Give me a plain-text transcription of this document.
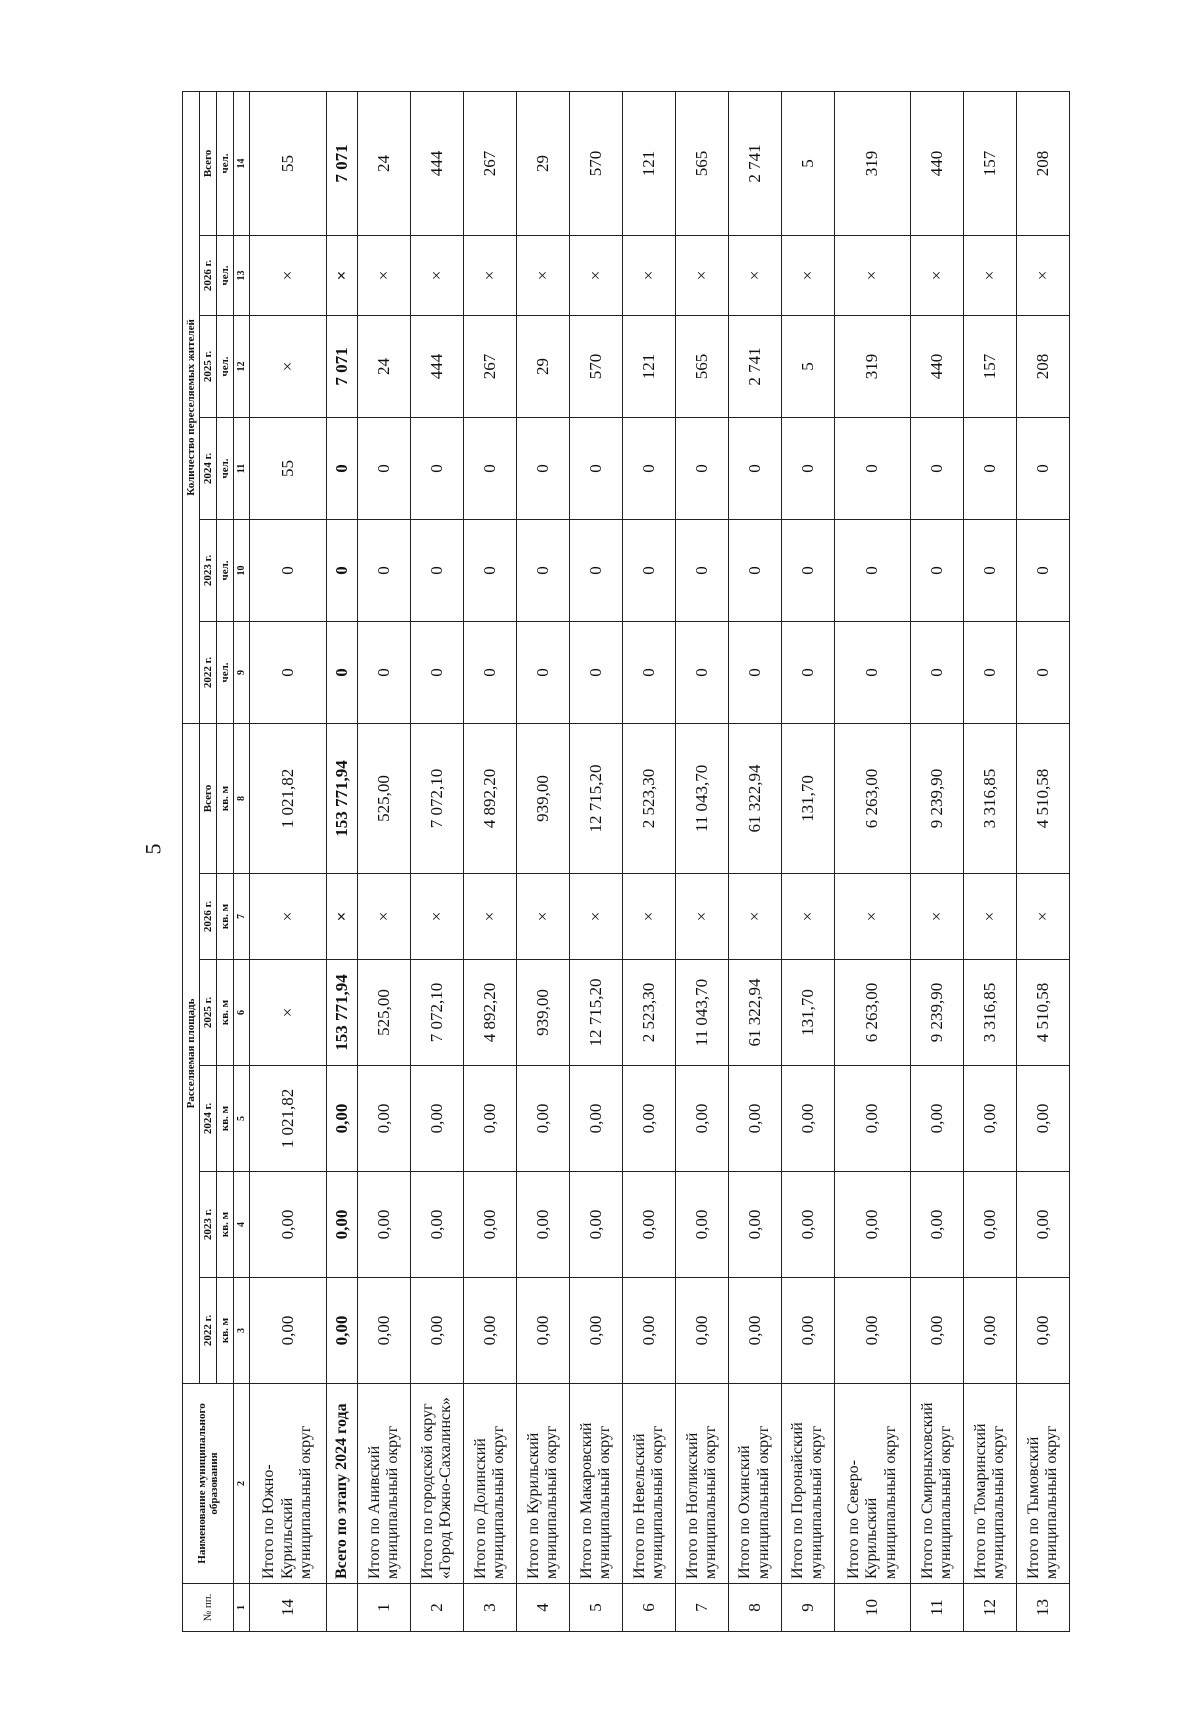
5
№ пп.	Наименование муниципального образования	Расселяемая площадь						Количество переселяемых жителей					
		2022 г.	2023 г.	2024 г.	2025 г.	2026 г.	Всего	2022 г.	2023 г.	2024 г.	2025 г.	2026 г.	Всего
		кв. м	кв. м	кв. м	кв. м	кв. м	кв. м	чел.	чел.	чел.	чел.	чел.	чел.
1	2	3	4	5	6	7	8	9	10	11	12	13	14
14	Итого по Южно-Курильский муниципальный округ	0,00	0,00	1 021,82	×	×	1 021,82	0	0	55	×	×	55
	Всего по этапу 2024 года	0,00	0,00	0,00	153 771,94	×	153 771,94	0	0	0	7 071	×	7 071
1	Итого по Анивский муниципальный округ	0,00	0,00	0,00	525,00	×	525,00	0	0	0	24	×	24
2	Итого по городской округ «Город Южно-Сахалинск»	0,00	0,00	0,00	7 072,10	×	7 072,10	0	0	0	444	×	444
3	Итого по Долинский муниципальный округ	0,00	0,00	0,00	4 892,20	×	4 892,20	0	0	0	267	×	267
4	Итого по Курильский муниципальный округ	0,00	0,00	0,00	939,00	×	939,00	0	0	0	29	×	29
5	Итого по Макаровский муниципальный округ	0,00	0,00	0,00	12 715,20	×	12 715,20	0	0	0	570	×	570
6	Итого по Невельский муниципальный округ	0,00	0,00	0,00	2 523,30	×	2 523,30	0	0	0	121	×	121
7	Итого по Ногликский муниципальный округ	0,00	0,00	0,00	11 043,70	×	11 043,70	0	0	0	565	×	565
8	Итого по Охинский муниципальный округ	0,00	0,00	0,00	61 322,94	×	61 322,94	0	0	0	2 741	×	2 741
9	Итого по Поронайский муниципальный округ	0,00	0,00	0,00	131,70	×	131,70	0	0	0	5	×	5
10	Итого по Северо-Курильский муниципальный округ	0,00	0,00	0,00	6 263,00	×	6 263,00	0	0	0	319	×	319
11	Итого по Смирныховский муниципальный округ	0,00	0,00	0,00	9 239,90	×	9 239,90	0	0	0	440	×	440
12	Итого по Томаринский муниципальный округ	0,00	0,00	0,00	3 316,85	×	3 316,85	0	0	0	157	×	157
13	Итого по Тымовский муниципальный округ	0,00	0,00	0,00	4 510,58	×	4 510,58	0	0	0	208	×	208
